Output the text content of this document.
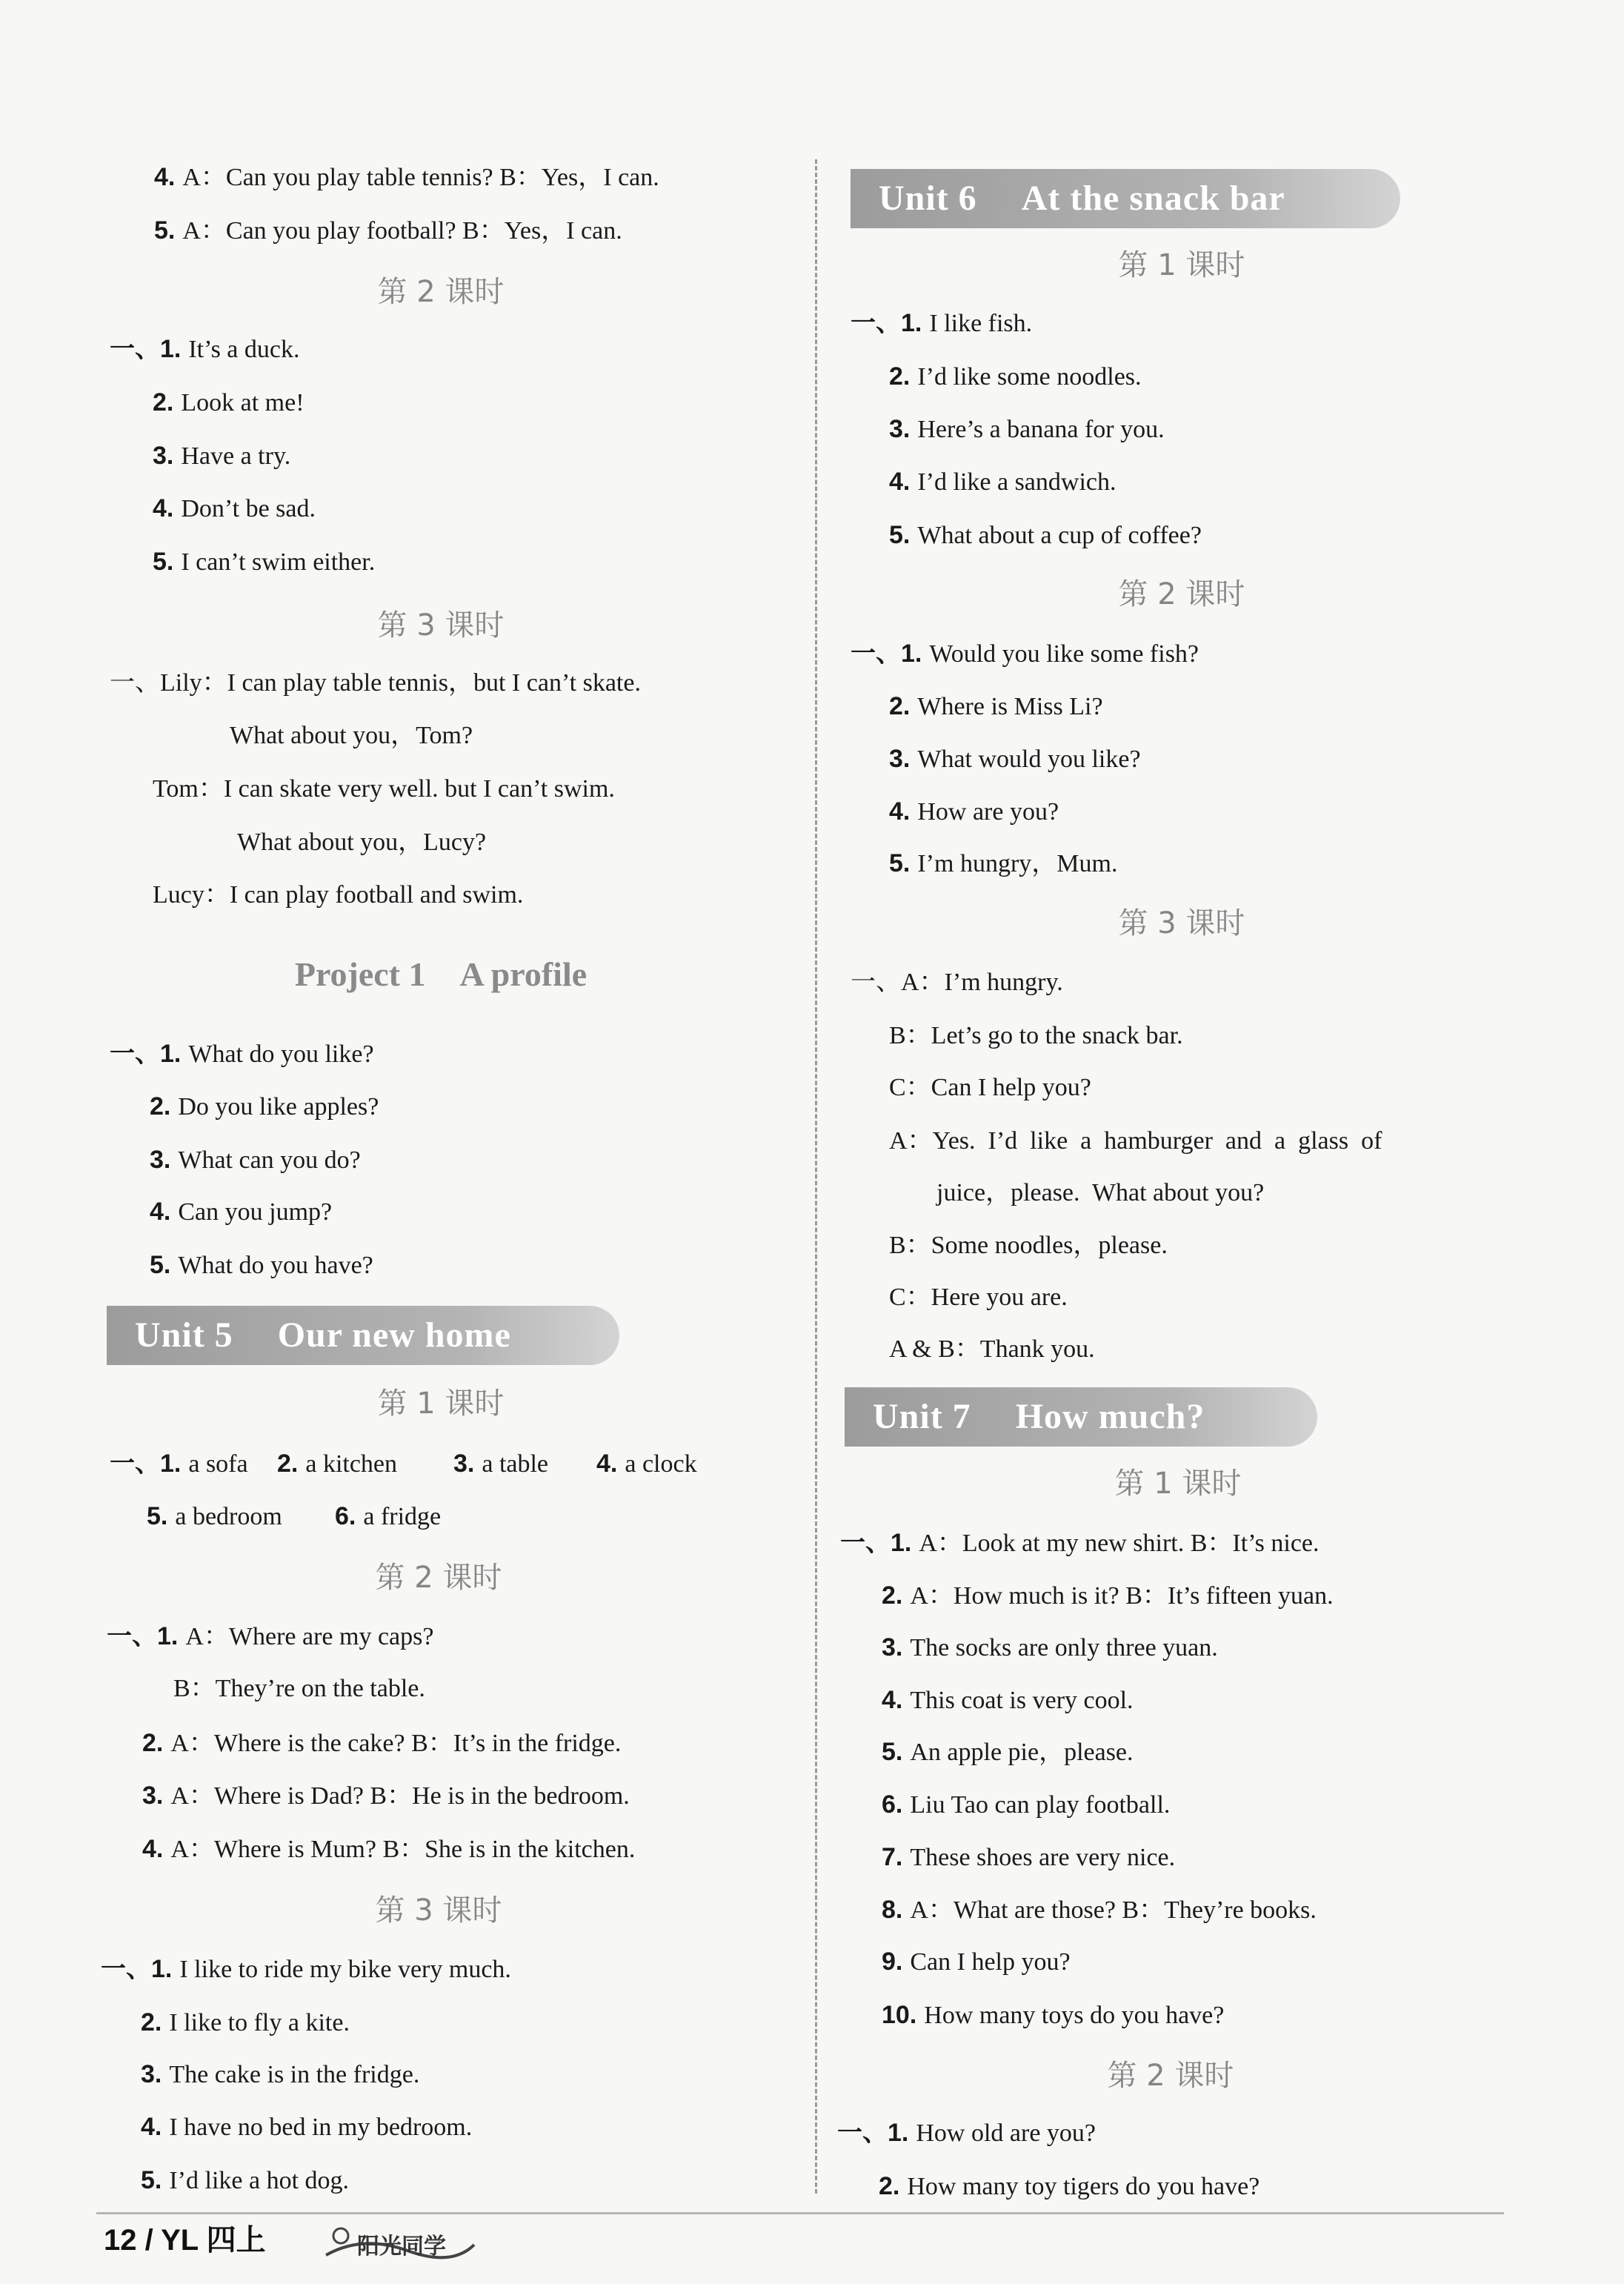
4. A：Can you play table tennis? B：Yes，I can.
5. A：Can you play football? B：Yes，I can.
第 2 课时
一、1. It’s a duck.
2. Look at me!
3. Have a try.
4. Don’t be sad.
5. I can’t swim either.
第 3 课时
一、Lily：I can play table tennis，but I can’t skate.
What about you，Tom?
Tom：I can skate very well. but I can’t swim.
What about you，Lucy?
Lucy：I can play football and swim.
Project 1　A profile
一、1. What do you like?
2. Do you like apples?
3. What can you do?
4. Can you jump?
5. What do you have?
Unit 5 Our new home
第 1 课时
一、1. a sofa 2. a kitchen 3. a table 4. a clock
5. a bedroom 6. a fridge
第 2 课时
一、1. A：Where are my caps?
B：They’re on the table.
2. A：Where is the cake? B：It’s in the fridge.
3. A：Where is Dad? B：He is in the bedroom.
4. A：Where is Mum? B：She is in the kitchen.
第 3 课时
一、1. I like to ride my bike very much.
2. I like to fly a kite.
3. The cake is in the fridge.
4. I have no bed in my bedroom.
5. I’d like a hot dog.
Unit 6 At the snack bar
第 1 课时
一、1. I like fish.
2. I’d like some noodles.
3. Here’s a banana for you.
4. I’d like a sandwich.
5. What about a cup of coffee?
第 2 课时
一、1. Would you like some fish?
2. Where is Miss Li?
3. What would you like?
4. How are you?
5. I’m hungry，Mum.
第 3 课时
一、A：I’m hungry.
B：Let’s go to the snack bar.
C：Can I help you?
A：Yes.  I’d  like  a  hamburger  and  a  glass  of
juice，please.  What about you?
B：Some noodles，please.
C：Here you are.
A & B：Thank you.
Unit 7 How much?
第 1 课时
一、1. A：Look at my new shirt. B：It’s nice.
2. A：How much is it? B：It’s fifteen yuan.
3. The socks are only three yuan.
4. This coat is very cool.
5. An apple pie，please.
6. Liu Tao can play football.
7. These shoes are very nice.
8. A：What are those? B：They’re books.
9. Can I help you?
10. How many toys do you have?
第 2 课时
一、1. How old are you?
2. How many toy tigers do you have?
12 / YL 四上	阳光同学
